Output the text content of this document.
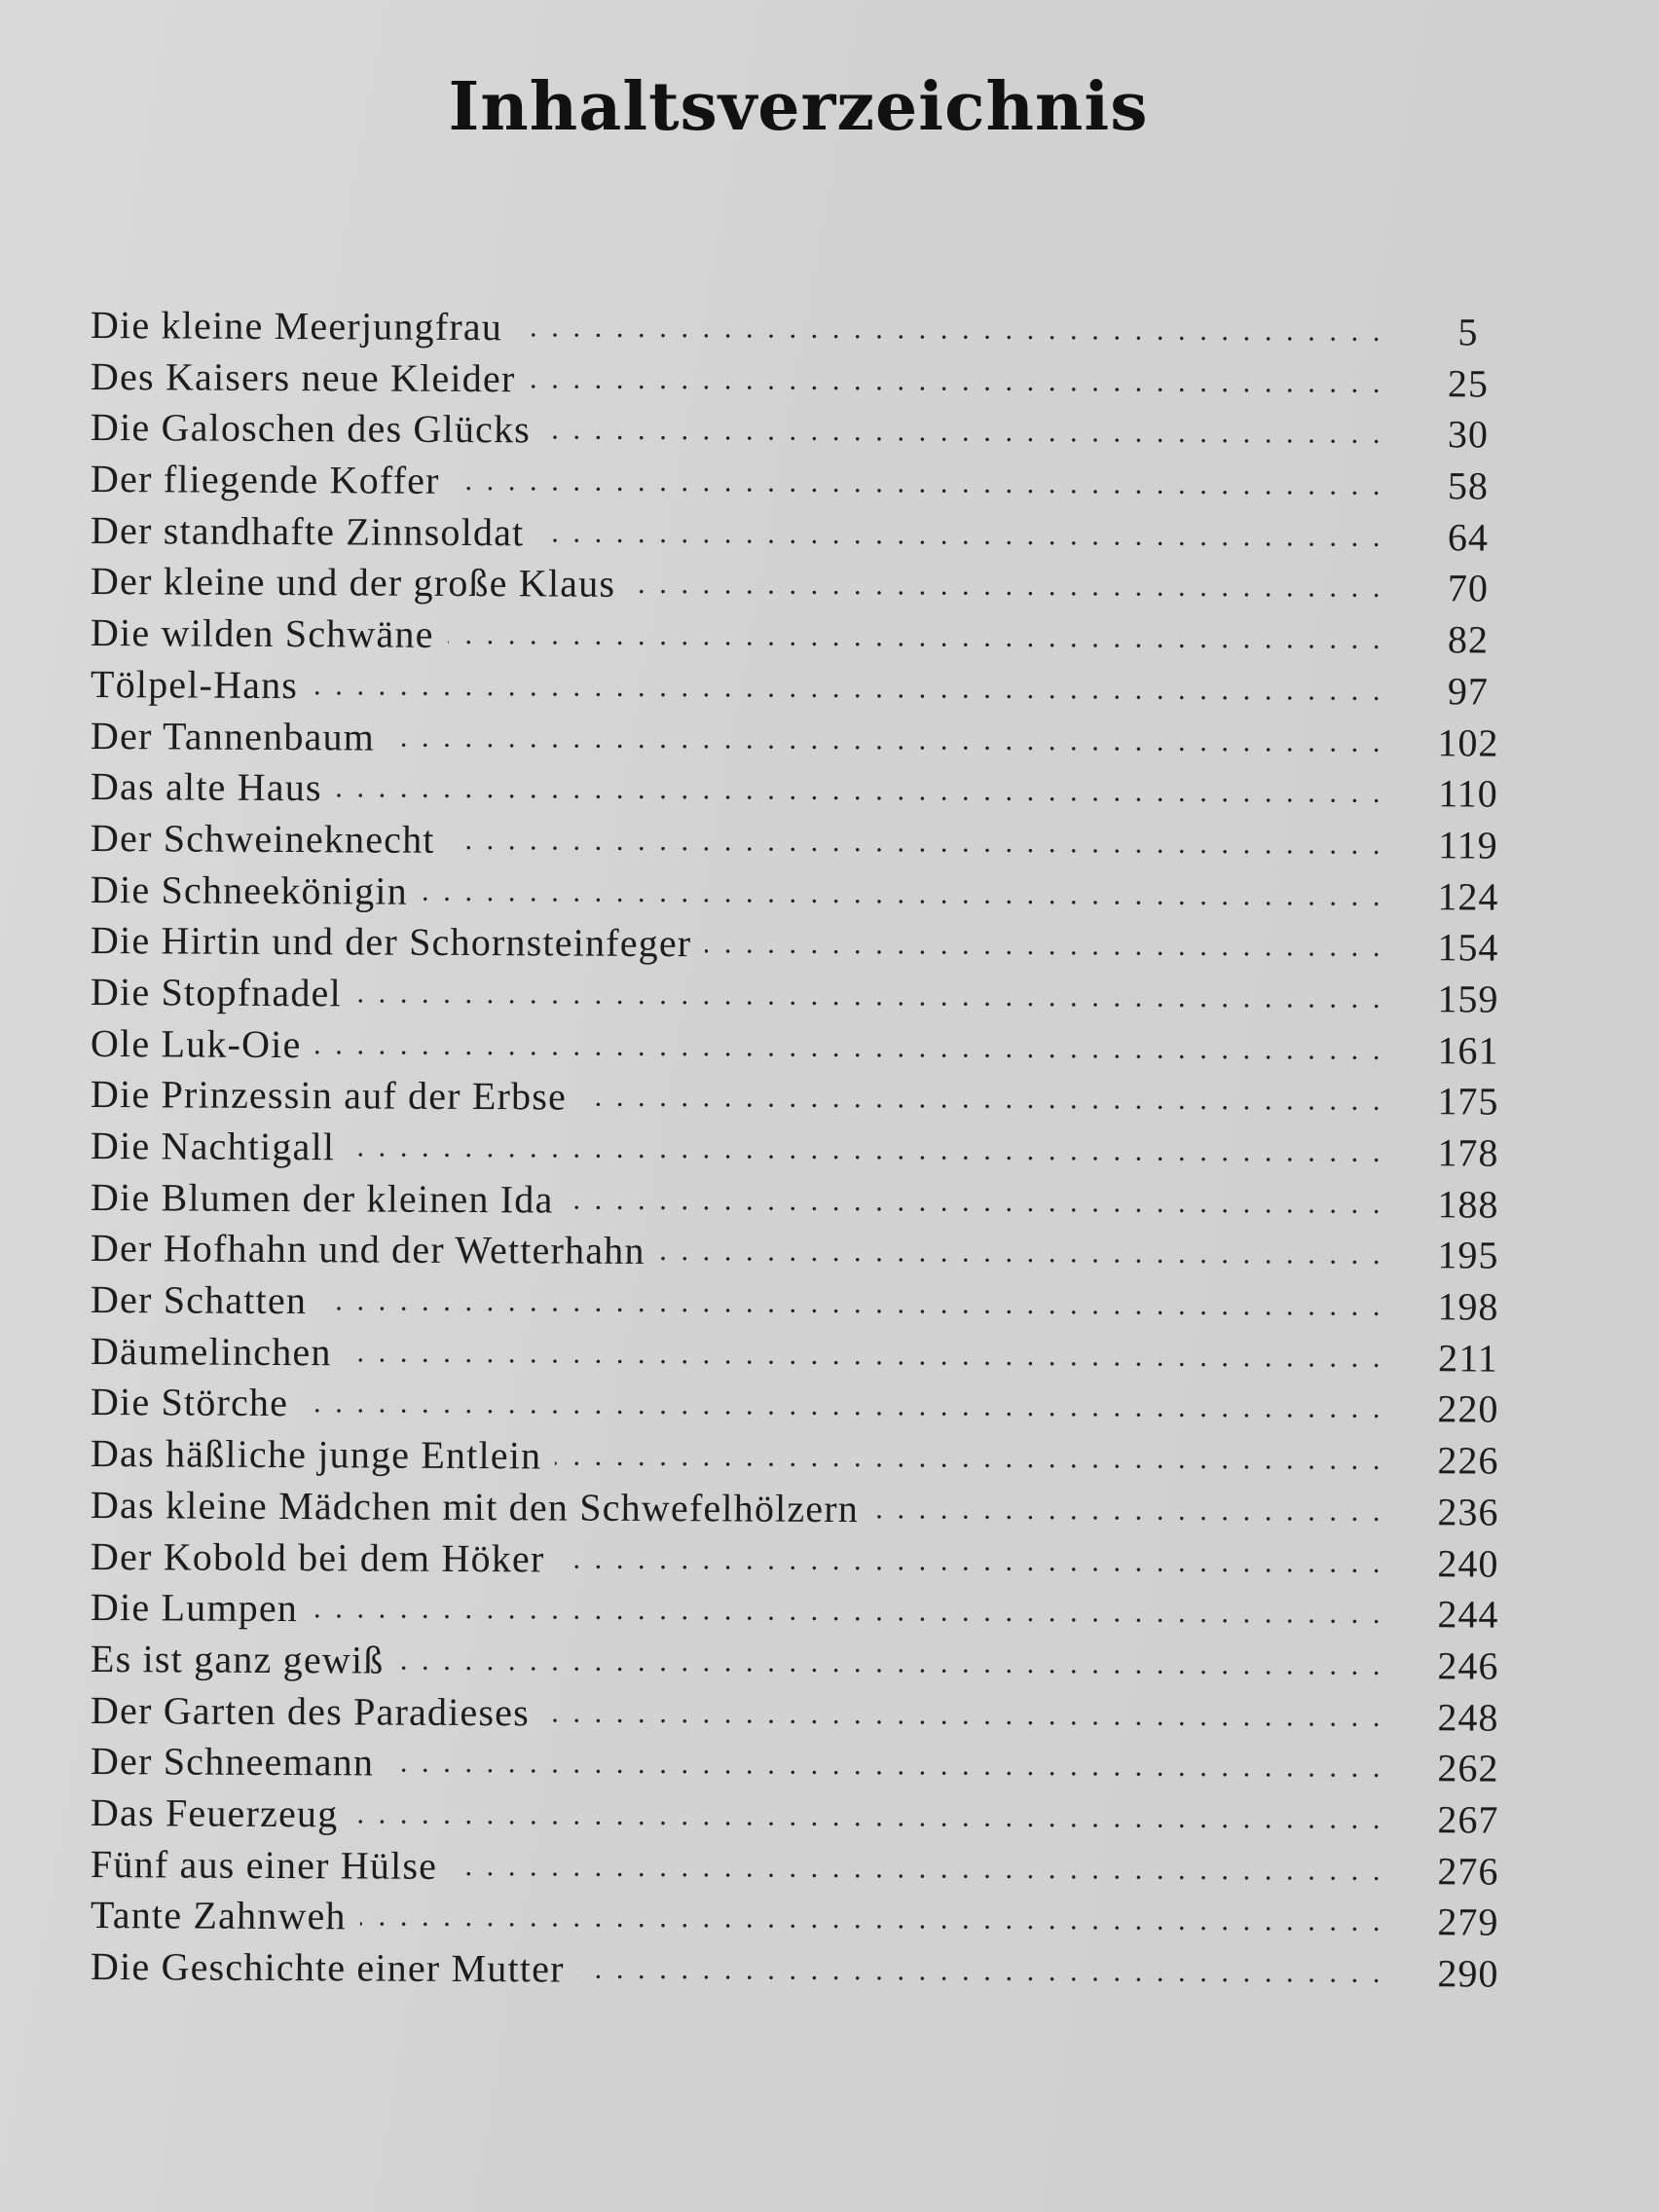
Inhaltsverzeichnis
. . .
Die kleine Meerjungfrau	5
. . .
Des Kaisers neue Kleider	25
. . .
Die Galoschen des Glücks	30
. . .
Der fliegende Koffer	58
. . .
Der standhafte Zinnsoldat	64
. . .
Der kleine und der große Klaus	70
. . .
Die wilden Schwäne	82
. . .
Tölpel-Hans	97
. . .
Der Tannenbaum	102
. . .
Das alte Haus	110
. . .
Der Schweineknecht	119
. . .
Die Schneekönigin	124
. . .
Die Hirtin und der Schornsteinfeger	154
. . .
Die Stopfnadel	159
. . .
Ole Luk-Oie	161
. . .
Die Prinzessin auf der Erbse	175
. . .
Die Nachtigall	178
. . .
Die Blumen der kleinen Ida	188
. . .
Der Hofhahn und der Wetterhahn	195
. . .
Der Schatten	198
. . .
Däumelinchen	211
. . .
Die Störche	220
. . .
Das häßliche junge Entlein	226
. . .
Das kleine Mädchen mit den Schwefelhölzern	236
. . .
Der Kobold bei dem Höker	240
. . .
Die Lumpen	244
. . .
Es ist ganz gewiß	246
. . .
Der Garten des Paradieses	248
. . .
Der Schneemann	262
. . .
Das Feuerzeug	267
. . .
Fünf aus einer Hülse	276
. . .
Tante Zahnweh	279
. . .
Die Geschichte einer Mutter	290
